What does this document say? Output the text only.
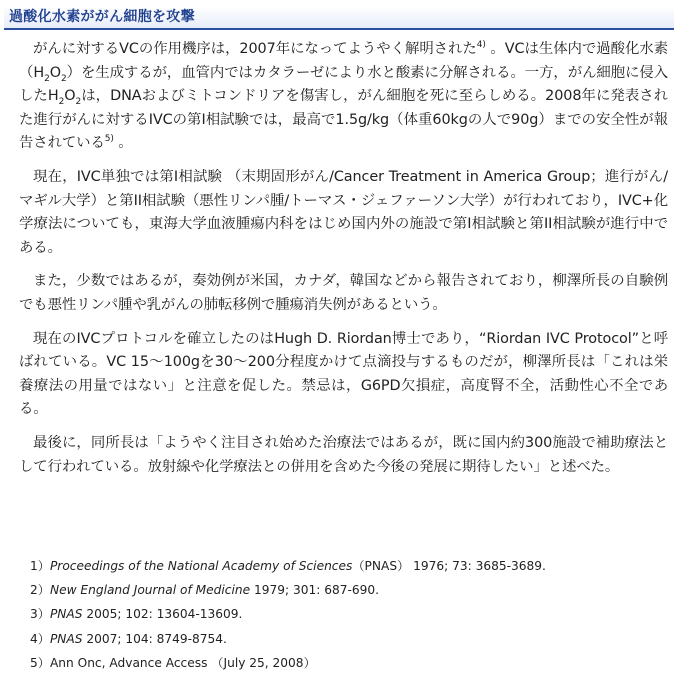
過酸化水素ががん細胞を攻撃

がんに対するVCの作用機序は，2007年になってようやく解明された$^{4)}$ 。VCは生体内で過酸化水素$(H_2O_2)$を生成するが，血管内ではカタラーゼにより水と酸素に分解される。一方，がん細胞に侵入した$H_2O_2$は，DNAおよびミトコンドリアを傷害し，がん細胞を死に至らしめる。2008年に発表された進行がんに対するIVCの第Ⅰ相試験では，最高で1.5g/kg（体重60kgの人で90g）までの安全性が報告されている$^{5)}$ 。

現在，IVC単独では第Ⅰ相試験 （末期固形がん/Cancer Treatment in America Group；進行がん/マギル大学）と第II相試験（悪性リンパ腫/トーマス・ジェファーソン大学）が行われており，IVC+化学療法についても，東海大学血液腫瘍内科をはじめ国内外の施設で第Ⅰ相試験と第II相試験が進行中である。

また，少数ではあるが，奏効例が米国，カナダ，韓国などから報告されており，柳澤所長の自験例でも悪性リンパ腫や乳がんの肺転移例で腫瘍消失例があるという。

現在のIVCプロトコルを確立したのはHugh D. Riordan博士であり，“Riordan IVC Protocol”と呼ばれている。VC 15～100gを30～200分程度かけて点滴投与するものだが，柳澤所長は「これは栄養療法の用量ではない」と注意を促した。禁忌は，G6PD欠損症，高度腎不全，活動性心不全である。

最後に，同所長は「ようやく注目され始めた治療法ではあるが，既に国内約300施設で補助療法として行われている。放射線や化学療法との併用を含めた今後の発展に期待したい」と述べた。

1）Proceedings of the National Academy of Sciences（PNAS） 1976; 73: 3685-3689.
2）New England Journal of Medicine 1979; 301: 687-690.
3）PNAS 2005; 102: 13604-13609.
4）PNAS 2007; 104: 8749-8754.
5）Ann Onc, Advance Access （July 25, 2008）
